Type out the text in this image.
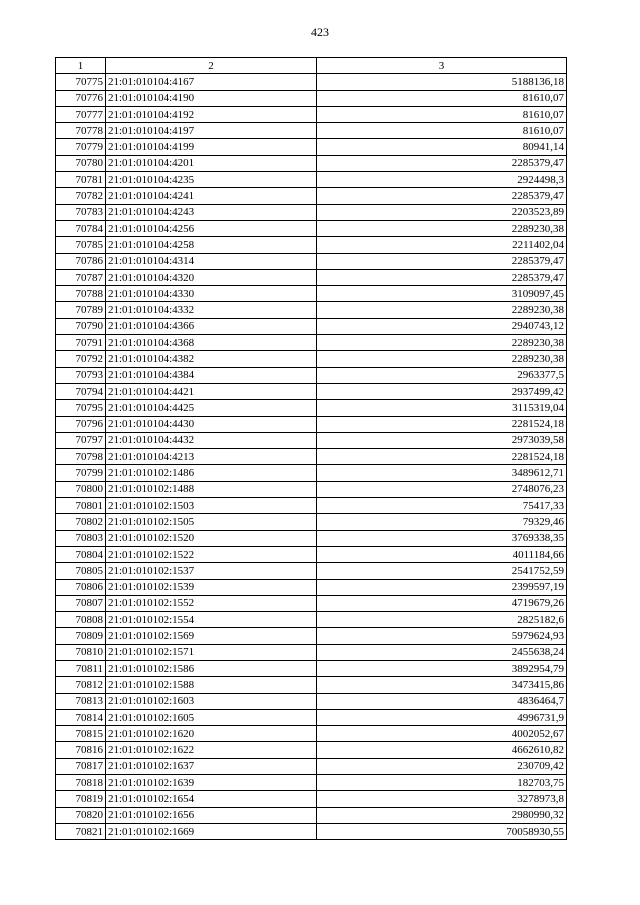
423
1	2	3
70775	21:01:010104:4167	5188136,18
70776	21:01:010104:4190	81610,07
70777	21:01:010104:4192	81610,07
70778	21:01:010104:4197	81610,07
70779	21:01:010104:4199	80941,14
70780	21:01:010104:4201	2285379,47
70781	21:01:010104:4235	2924498,3
70782	21:01:010104:4241	2285379,47
70783	21:01:010104:4243	2203523,89
70784	21:01:010104:4256	2289230,38
70785	21:01:010104:4258	2211402,04
70786	21:01:010104:4314	2285379,47
70787	21:01:010104:4320	2285379,47
70788	21:01:010104:4330	3109097,45
70789	21:01:010104:4332	2289230,38
70790	21:01:010104:4366	2940743,12
70791	21:01:010104:4368	2289230,38
70792	21:01:010104:4382	2289230,38
70793	21:01:010104:4384	2963377,5
70794	21:01:010104:4421	2937499,42
70795	21:01:010104:4425	3115319,04
70796	21:01:010104:4430	2281524,18
70797	21:01:010104:4432	2973039,58
70798	21:01:010104:4213	2281524,18
70799	21:01:010102:1486	3489612,71
70800	21:01:010102:1488	2748076,23
70801	21:01:010102:1503	75417,33
70802	21:01:010102:1505	79329,46
70803	21:01:010102:1520	3769338,35
70804	21:01:010102:1522	4011184,66
70805	21:01:010102:1537	2541752,59
70806	21:01:010102:1539	2399597,19
70807	21:01:010102:1552	4719679,26
70808	21:01:010102:1554	2825182,6
70809	21:01:010102:1569	5979624,93
70810	21:01:010102:1571	2455638,24
70811	21:01:010102:1586	3892954,79
70812	21:01:010102:1588	3473415,86
70813	21:01:010102:1603	4836464,7
70814	21:01:010102:1605	4996731,9
70815	21:01:010102:1620	4002052,67
70816	21:01:010102:1622	4662610,82
70817	21:01:010102:1637	230709,42
70818	21:01:010102:1639	182703,75
70819	21:01:010102:1654	3278973,8
70820	21:01:010102:1656	2980990,32
70821	21:01:010102:1669	70058930,55
